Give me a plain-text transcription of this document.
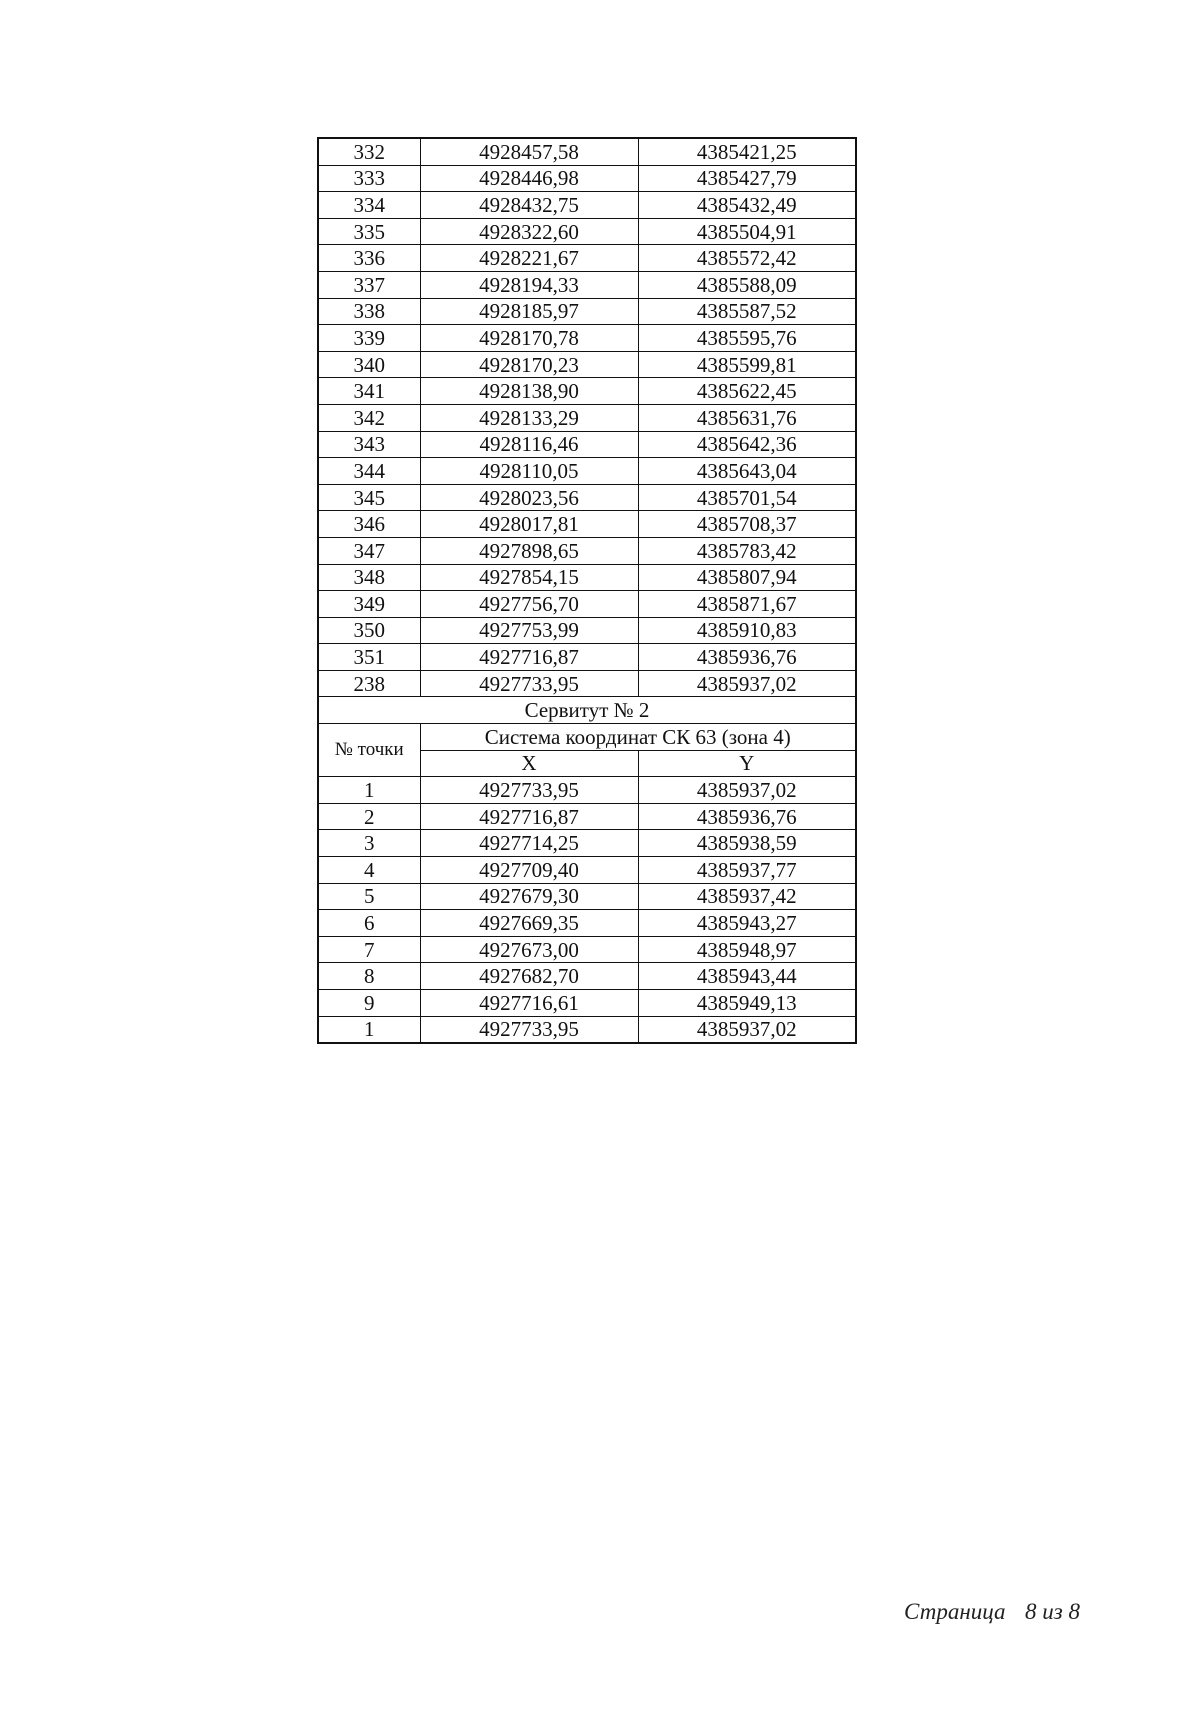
332	4928457,58	4385421,25
333	4928446,98	4385427,79
334	4928432,75	4385432,49
335	4928322,60	4385504,91
336	4928221,67	4385572,42
337	4928194,33	4385588,09
338	4928185,97	4385587,52
339	4928170,78	4385595,76
340	4928170,23	4385599,81
341	4928138,90	4385622,45
342	4928133,29	4385631,76
343	4928116,46	4385642,36
344	4928110,05	4385643,04
345	4928023,56	4385701,54
346	4928017,81	4385708,37
347	4927898,65	4385783,42
348	4927854,15	4385807,94
349	4927756,70	4385871,67
350	4927753,99	4385910,83
351	4927716,87	4385936,76
238	4927733,95	4385937,02
Сервитут № 2		
№ точки	Система координат СК 63 (зона 4)	
	X	Y
1	4927733,95	4385937,02
2	4927716,87	4385936,76
3	4927714,25	4385938,59
4	4927709,40	4385937,77
5	4927679,30	4385937,42
6	4927669,35	4385943,27
7	4927673,00	4385948,97
8	4927682,70	4385943,44
9	4927716,61	4385949,13
1	4927733,95	4385937,02
Страница 8 из 8
